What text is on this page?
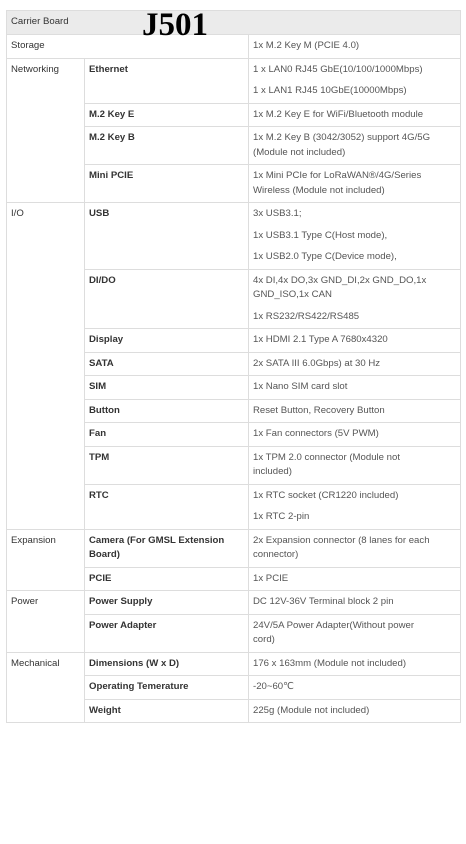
Carrier Board J501		

Storage		1x M.2 Key M (PCIE 4.0)
Networking	Ethernet	1 x LAN0 RJ45 GbE(10/100/1000Mbps)
1 x LAN1 RJ45 10GbE(10000Mbps)

	M.2 Key E	1x M.2 Key E for WiFi/Bluetooth module
	M.2 Key B	1x M.2 Key B (3042/3052) support 4G/5G
(Module not included)

	Mini PCIE	1x Mini PCIe for LoRaWAN®/4G/Series
Wireless (Module not included)

I/O	USB	3x USB3.1;
1x USB3.1 Type C(Host mode),
1x USB2.0 Type C(Device mode),

	DI/DO	4x DI,4x DO,3x GND_DI,2x GND_DO,1x
GND_ISO,1x CAN
1x RS232/RS422/RS485

	Display	1x HDMI 2.1 Type A 7680x4320
	SATA	2x SATA III 6.0Gbps) at 30 Hz
	SIM	1x Nano SIM card slot
	Button	Reset Button, Recovery Button
	Fan	1x Fan connectors (5V PWM)
	TPM	1x TPM 2.0 connector (Module not
included)

	RTC	1x RTC socket (CR1220 included)
1x RTC 2-pin

Expansion	Camera (For GMSL Extension
Board)	2x Expansion connector (8 lanes for each
connector)

	PCIE	1x PCIE
Power	Power Supply	DC 12V-36V Terminal block 2 pin
	Power Adapter	24V/5A Power Adapter(Without power
cord)

Mechanical	Dimensions (W x D)	176 x 163mm (Module not included)
	Operating Temerature	-20~60℃
	Weight	225g (Module not included)
